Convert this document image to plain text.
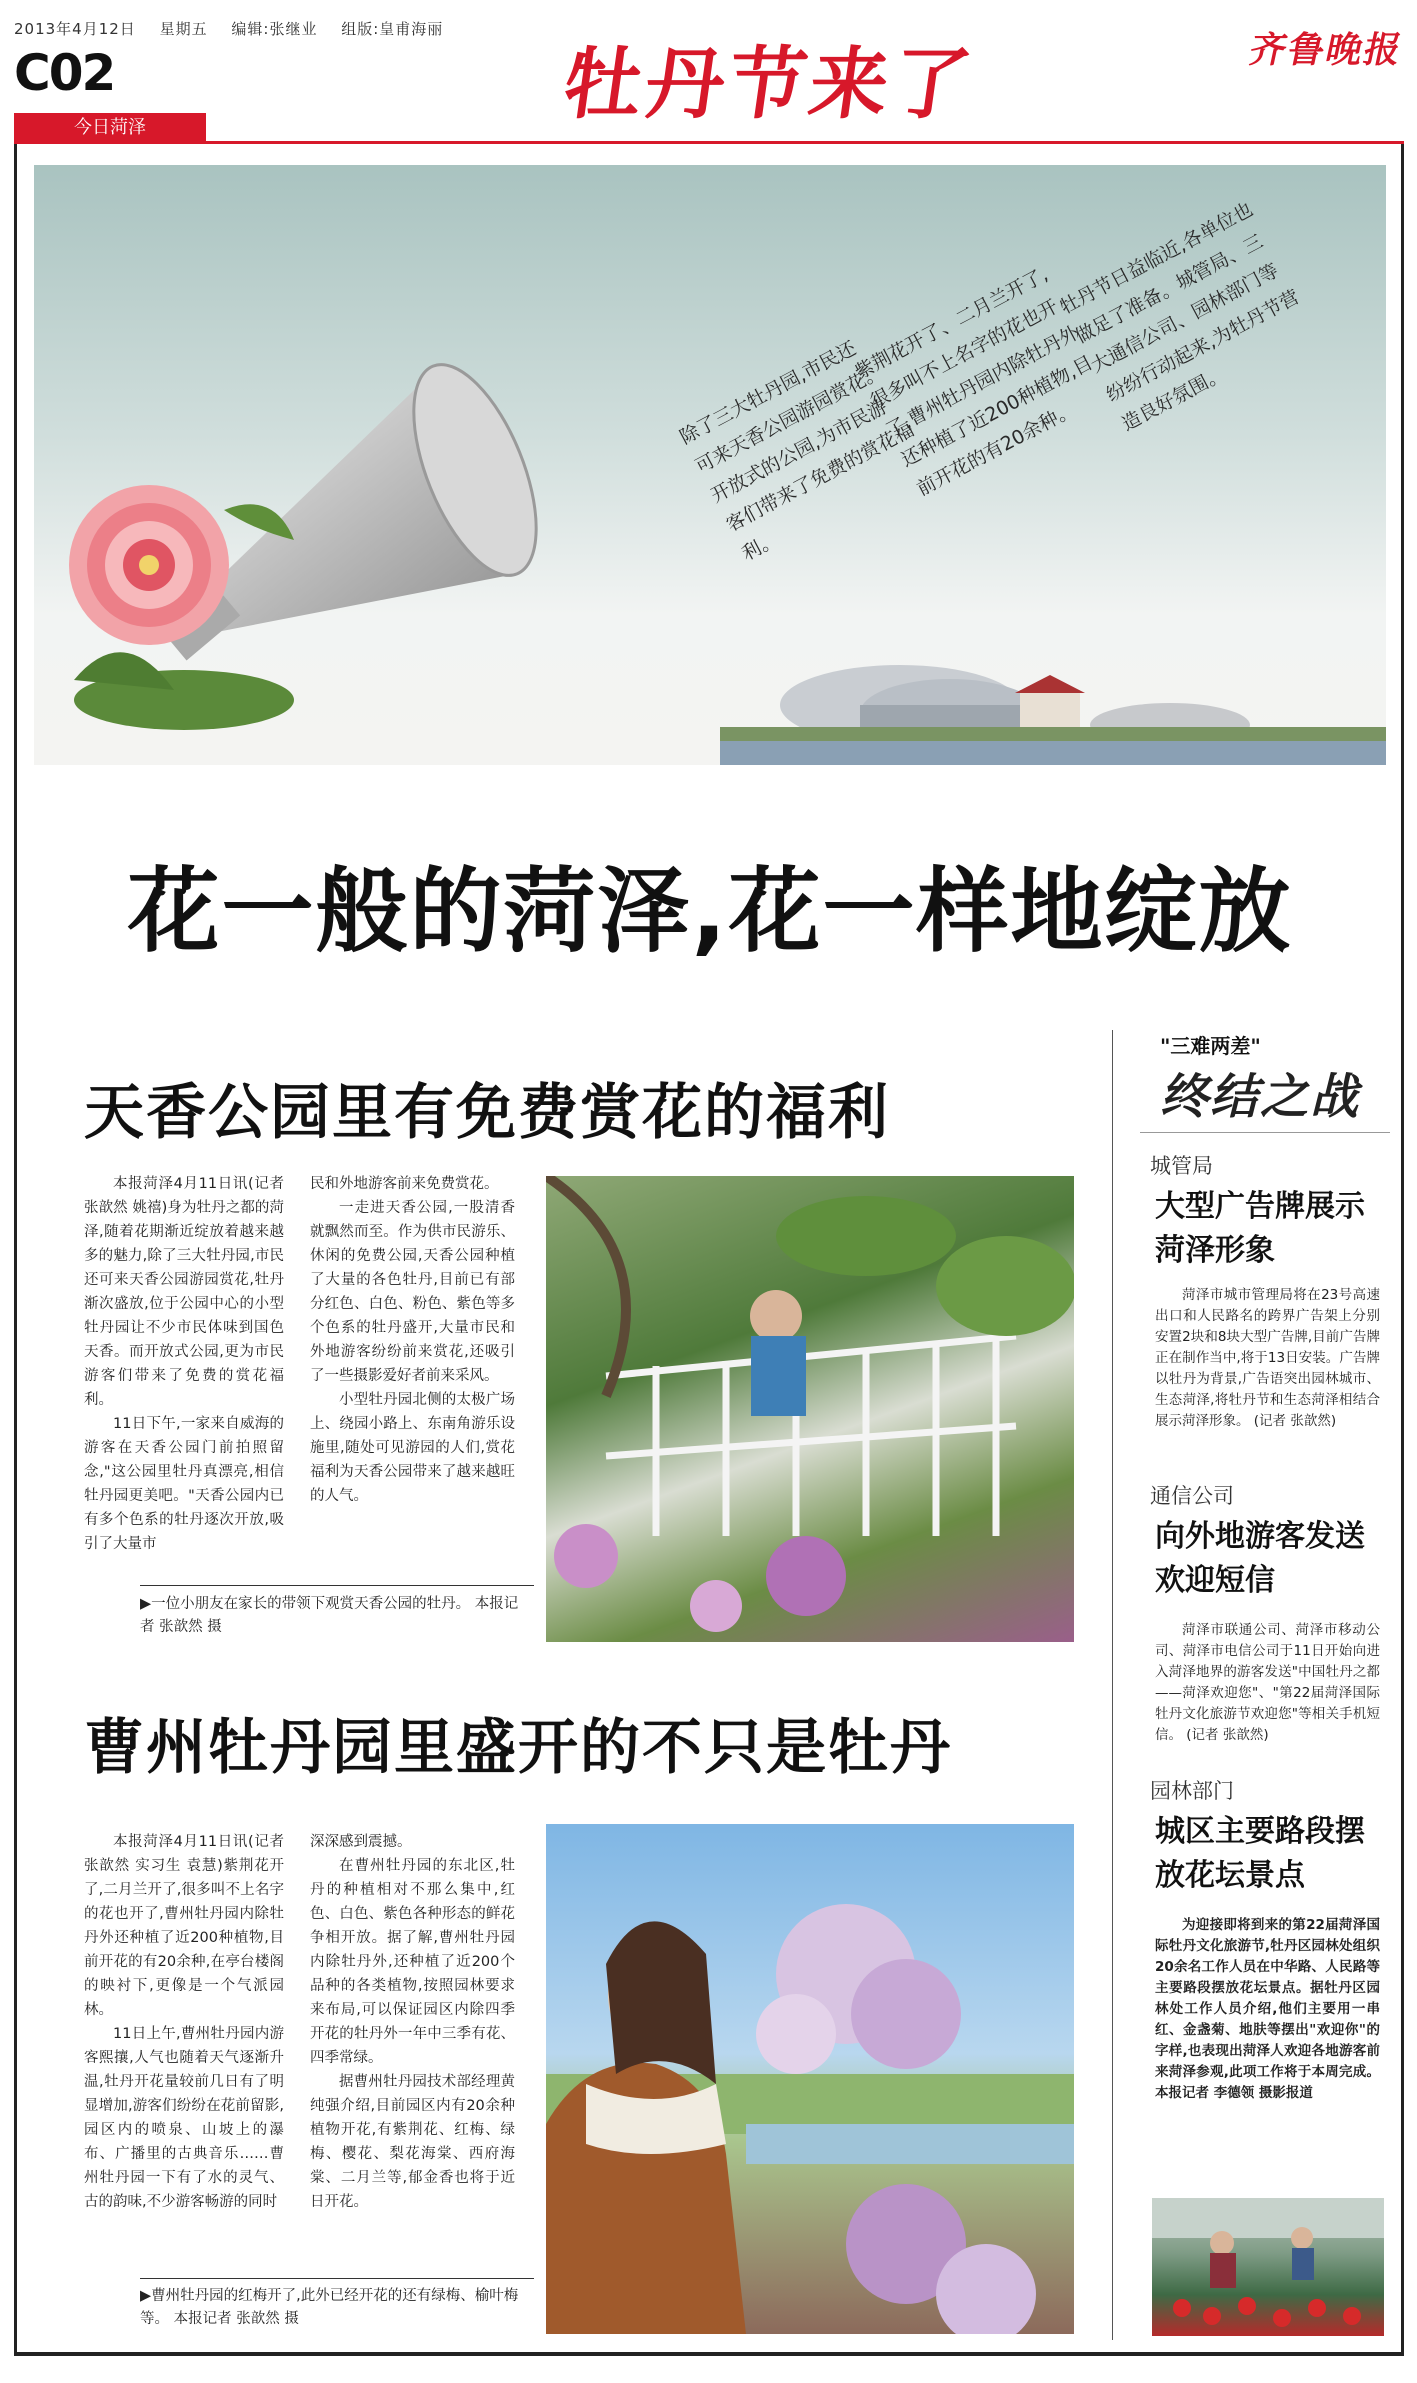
2013年4月12日 星期五 编辑:张继业 组版:皇甫海丽
C02
今日菏泽	牡丹节来了	齐鲁晚报
除了三大牡丹园,市民还可来天香公园游园赏花。开放式的公园,为市民游客们带来了免费的赏花福利。
紫荆花开了、二月兰开了,很多叫不上名字的花也开了,曹州牡丹园内除牡丹外还种植了近200种植物,目前开花的有20余种。
牡丹节日益临近,各单位也做足了准备。城管局、三大通信公司、园林部门等纷纷行动起来,为牡丹节营造良好氛围。
花一般的菏泽,花一样地绽放
天香公园里有免费赏花的福利

本报菏泽4月11日讯(记者 张歆然 姚禧)身为牡丹之都的菏泽,随着花期渐近绽放着越来越多的魅力,除了三大牡丹园,市民还可来天香公园游园赏花,牡丹渐次盛放,位于公园中心的小型牡丹园让不少市民体味到国色天香。而开放式公园,更为市民游客们带来了免费的赏花福利。

11日下午,一家来自威海的游客在天香公园门前拍照留念,"这公园里牡丹真漂亮,相信牡丹园更美吧。"天香公园内已有多个色系的牡丹逐次开放,吸引了大量市

民和外地游客前来免费赏花。

一走进天香公园,一股清香就飘然而至。作为供市民游乐、休闲的免费公园,天香公园种植了大量的各色牡丹,目前已有部分红色、白色、粉色、紫色等多个色系的牡丹盛开,大量市民和外地游客纷纷前来赏花,还吸引了一些摄影爱好者前来采风。

小型牡丹园北侧的太极广场上、绕园小路上、东南角游乐设施里,随处可见游园的人们,赏花福利为天香公园带来了越来越旺的人气。

▶一位小朋友在家长的带领下观赏天香公园的牡丹。 本报记者 张歆然 摄
曹州牡丹园里盛开的不只是牡丹

本报菏泽4月11日讯(记者 张歆然 实习生 袁慧)紫荆花开了,二月兰开了,很多叫不上名字的花也开了,曹州牡丹园内除牡丹外还种植了近200种植物,目前开花的有20余种,在亭台楼阁的映衬下,更像是一个气派园林。

11日上午,曹州牡丹园内游客熙攘,人气也随着天气逐渐升温,牡丹开花量较前几日有了明显增加,游客们纷纷在花前留影,园区内的喷泉、山坡上的瀑布、广播里的古典音乐……曹州牡丹园一下有了水的灵气、古的韵味,不少游客畅游的同时

深深感到震撼。

在曹州牡丹园的东北区,牡丹的种植相对不那么集中,红色、白色、紫色各种形态的鲜花争相开放。据了解,曹州牡丹园内除牡丹外,还种植了近200个品种的各类植物,按照园林要求来布局,可以保证园区内除四季开花的牡丹外一年中三季有花、四季常绿。

据曹州牡丹园技术部经理黄纯强介绍,目前园区内有20余种植物开花,有紫荆花、红梅、绿梅、樱花、梨花海棠、西府海棠、二月兰等,郁金香也将于近日开花。

▶曹州牡丹园的红梅开了,此外已经开花的还有绿梅、榆叶梅等。 本报记者 张歆然 摄
"三难两差"
终结之战
城管局
大型广告牌展示菏泽形象

菏泽市城市管理局将在23号高速出口和人民路名的跨界广告架上分别安置2块和8块大型广告牌,目前广告牌正在制作当中,将于13日安装。广告牌以牡丹为背景,广告语突出园林城市、生态菏泽,将牡丹节和生态菏泽相结合展示菏泽形象。 (记者 张歆然)

通信公司
向外地游客发送欢迎短信

菏泽市联通公司、菏泽市移动公司、菏泽市电信公司于11日开始向进入菏泽地界的游客发送"中国牡丹之都——菏泽欢迎您"、"第22届菏泽国际牡丹文化旅游节欢迎您"等相关手机短信。 (记者 张歆然)

园林部门
城区主要路段摆放花坛景点

为迎接即将到来的第22届菏泽国际牡丹文化旅游节,牡丹区园林处组织20余名工作人员在中华路、人民路等主要路段摆放花坛景点。据牡丹区园林处工作人员介绍,他们主要用一串红、金盏菊、地肤等摆出"欢迎你"的字样,也表现出菏泽人欢迎各地游客前来菏泽参观,此项工作将于本周完成。 本报记者 李德领 摄影报道
